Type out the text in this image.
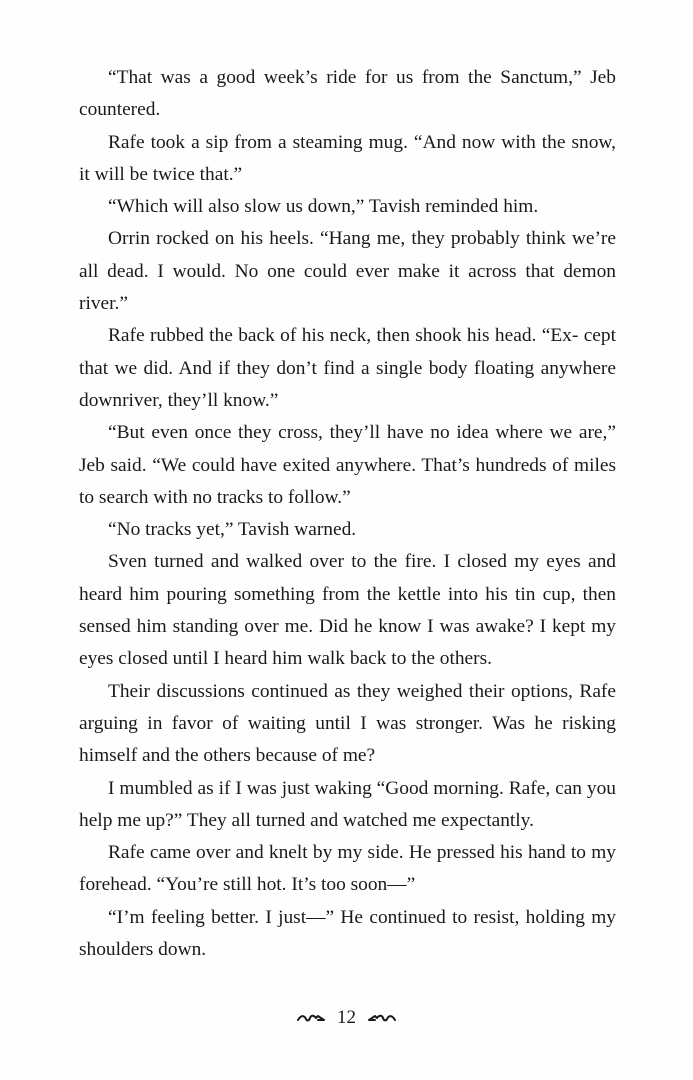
“That was a good week’s ride for us from the Sanctum,” Jeb countered.

Rafe took a sip from a steaming mug. “And now with the snow, it will be twice that.”

“Which will also slow us down,” Tavish reminded him.

Orrin rocked on his heels. “Hang me, they probably think we’re all dead. I would. No one could ever make it across that demon river.”

Rafe rubbed the back of his neck, then shook his head. “Ex- cept that we did. And if they don’t find a single body floating anywhere downriver, they’ll know.”

“But even once they cross, they’ll have no idea where we are,” Jeb said. “We could have exited anywhere. That’s hundreds of miles to search with no tracks to follow.”

“No tracks yet,” Tavish warned.

Sven turned and walked over to the fire. I closed my eyes and heard him pouring something from the kettle into his tin cup, then sensed him standing over me. Did he know I was awake? I kept my eyes closed until I heard him walk back to the others.

Their discussions continued as they weighed their options, Rafe arguing in favor of waiting until I was stronger. Was he risking himself and the others because of me?

I mumbled as if I was just waking “Good morning. Rafe, can you help me up?” They all turned and watched me expectantly.

Rafe came over and knelt by my side. He pressed his hand to my forehead. “You’re still hot. It’s too soon—”

“I’m feeling better. I just—” He continued to resist, holding my shoulders down.

12
